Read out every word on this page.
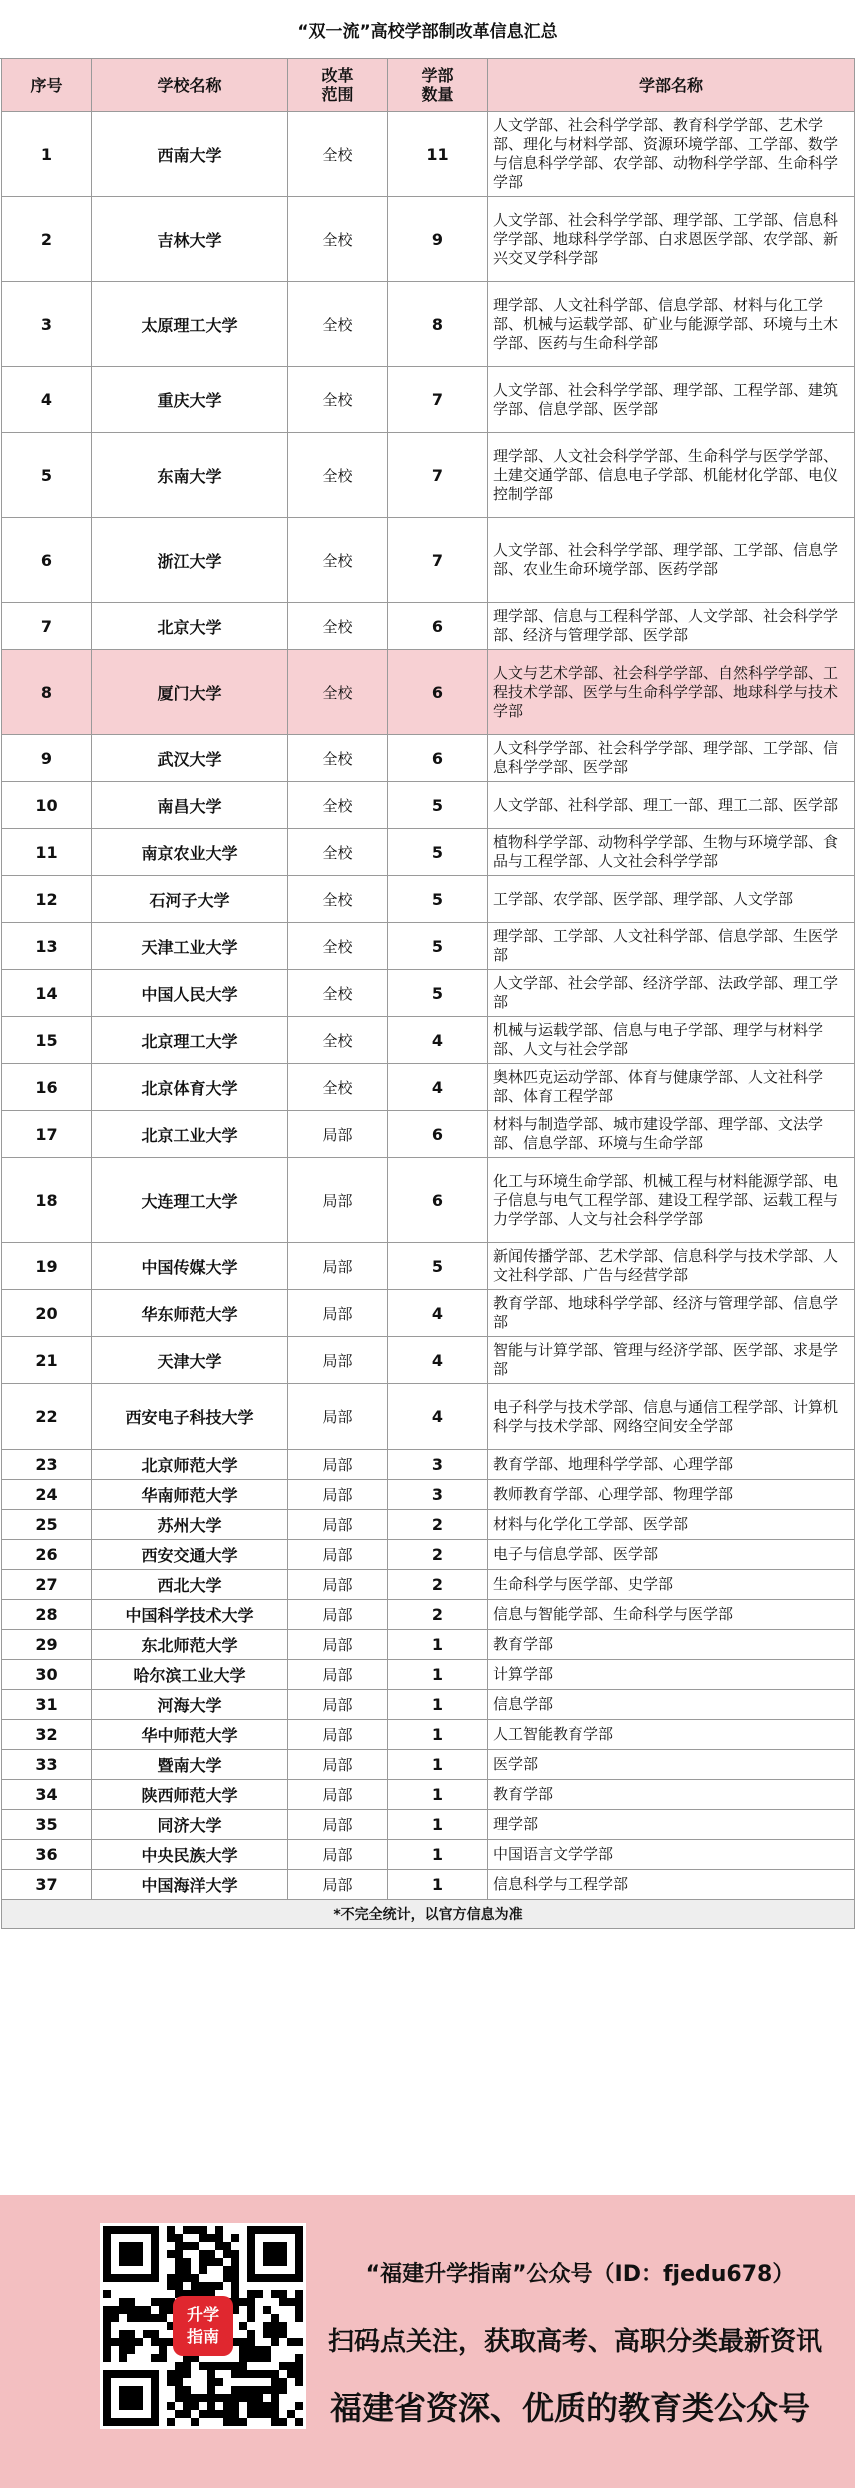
“双一流”高校学部制改革信息汇总
序号	学校名称	改革范围	学部数量	学部名称
1	西南大学	全校	11	人文学部、社会科学学部、教育科学学部、艺术学部、理化与材料学部、资源环境学部、工学部、数学与信息科学学部、农学部、动物科学学部、生命科学学部
2	吉林大学	全校	9	人文学部、社会科学学部、理学部、工学部、信息科学学部、地球科学学部、白求恩医学部、农学部、新兴交叉学科学部
3	太原理工大学	全校	8	理学部、人文社科学部、信息学部、材料与化工学部、机械与运载学部、矿业与能源学部、环境与土木学部、医药与生命科学部
4	重庆大学	全校	7	人文学部、社会科学学部、理学部、工程学部、建筑学部、信息学部、医学部
5	东南大学	全校	7	理学部、人文社会科学学部、生命科学与医学学部、土建交通学部、信息电子学部、机能材化学部、电仪控制学部
6	浙江大学	全校	7	人文学部、社会科学学部、理学部、工学部、信息学部、农业生命环境学部、医药学部
7	北京大学	全校	6	理学部、信息与工程科学部、人文学部、社会科学学部、经济与管理学部、医学部
8	厦门大学	全校	6	人文与艺术学部、社会科学学部、自然科学学部、工程技术学部、医学与生命科学学部、地球科学与技术学部
9	武汉大学	全校	6	人文科学学部、社会科学学部、理学部、工学部、信息科学学部、医学部
10	南昌大学	全校	5	人文学部、社科学部、理工一部、理工二部、医学部
11	南京农业大学	全校	5	植物科学学部、动物科学学部、生物与环境学部、食品与工程学部、人文社会科学学部
12	石河子大学	全校	5	工学部、农学部、医学部、理学部、人文学部
13	天津工业大学	全校	5	理学部、工学部、人文社科学部、信息学部、生医学部
14	中国人民大学	全校	5	人文学部、社会学部、经济学部、法政学部、理工学部
15	北京理工大学	全校	4	机械与运载学部、信息与电子学部、理学与材料学部、人文与社会学部
16	北京体育大学	全校	4	奥林匹克运动学部、体育与健康学部、人文社科学部、体育工程学部
17	北京工业大学	局部	6	材料与制造学部、城市建设学部、理学部、文法学部、信息学部、环境与生命学部
18	大连理工大学	局部	6	化工与环境生命学部、机械工程与材料能源学部、电子信息与电气工程学部、建设工程学部、运载工程与力学学部、人文与社会科学学部
19	中国传媒大学	局部	5	新闻传播学部、艺术学部、信息科学与技术学部、人文社科学部、广告与经营学部
20	华东师范大学	局部	4	教育学部、地球科学学部、经济与管理学部、信息学部
21	天津大学	局部	4	智能与计算学部、管理与经济学部、医学部、求是学部
22	西安电子科技大学	局部	4	电子科学与技术学部、信息与通信工程学部、计算机科学与技术学部、网络空间安全学部
23	北京师范大学	局部	3	教育学部、地理科学学部、心理学部
24	华南师范大学	局部	3	教师教育学部、心理学部、物理学部
25	苏州大学	局部	2	材料与化学化工学部、医学部
26	西安交通大学	局部	2	电子与信息学部、医学部
27	西北大学	局部	2	生命科学与医学部、史学部
28	中国科学技术大学	局部	2	信息与智能学部、生命科学与医学部
29	东北师范大学	局部	1	教育学部
30	哈尔滨工业大学	局部	1	计算学部
31	河海大学	局部	1	信息学部
32	华中师范大学	局部	1	人工智能教育学部
33	暨南大学	局部	1	医学部
34	陕西师范大学	局部	1	教育学部
35	同济大学	局部	1	理学部
36	中央民族大学	局部	1	中国语言文学学部
37	中国海洋大学	局部	1	信息科学与工程学部
*不完全统计，以官方信息为准				
升学
指南
“福建升学指南”公众号（ID：fjedu678）
扫码点关注，获取高考、高职分类最新资讯
福建省资深、优质的教育类公众号
